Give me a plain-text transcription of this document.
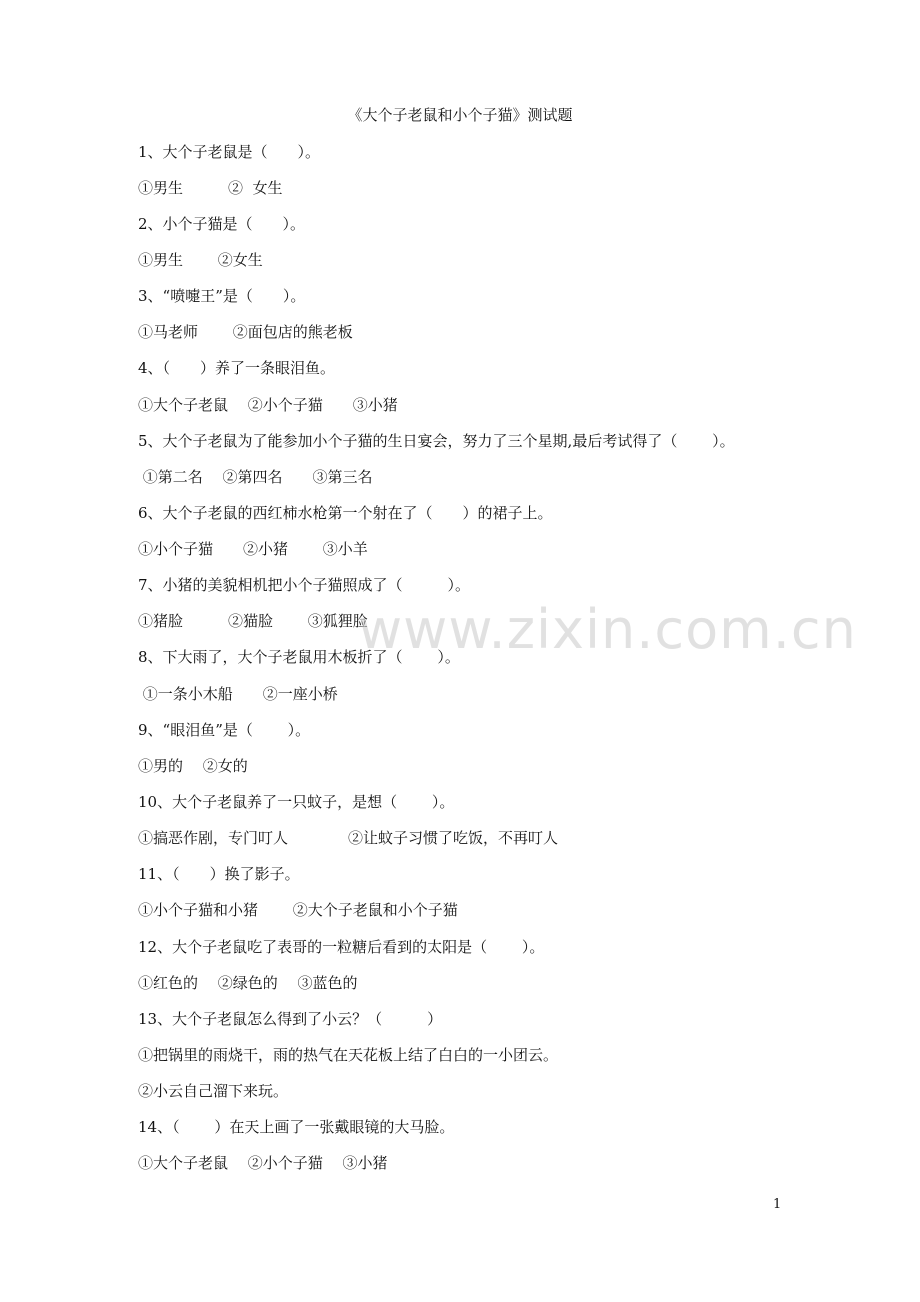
《大个子老鼠和小个子猫》测试题
1、大个子老鼠是（　　）。
①男生　　　②  女生
2、小个子猫是（　　）。
①男生　　 ②女生
3、“喷嚏王”是（　　）。
①马老师　　 ②面包店的熊老板
4、（　　）养了一条眼泪鱼。
①大个子老鼠　 ②小个子猫　　③小猪
5、大个子老鼠为了能参加小个子猫的生日宴会，努力了三个星期,最后考试得了（　　 ）。
①第二名　 ②第四名　　③第三名
6、大个子老鼠的西红柿水枪第一个射在了（　　）的裙子上。
①小个子猫　　②小猪　　 ③小羊
7、小猪的美貌相机把小个子猫照成了（　　　）。
①猪脸　　　②猫脸　　 ③狐狸脸
8、下大雨了，大个子老鼠用木板折了（　　 ）。
①一条小木船　　②一座小桥
9、“眼泪鱼”是（　　 ）。
①男的　 ②女的
10、大个子老鼠养了一只蚊子，是想（　　 ）。
①搞恶作剧，专门叮人　　　　②让蚊子习惯了吃饭，不再叮人
11、（　　）换了影子。
①小个子猫和小猪　　 ②大个子老鼠和小个子猫
12、大个子老鼠吃了表哥的一粒糖后看到的太阳是（　　 ）。
①红色的　 ②绿色的　 ③蓝色的
13、大个子老鼠怎么得到了小云？（　　　）
①把锅里的雨烧干，雨的热气在天花板上结了白白的一小团云。
②小云自己溜下来玩。
14、（　　 ）在天上画了一张戴眼镜的大马脸。
①大个子老鼠　 ②小个子猫　 ③小猪
www.zixin.com.cn
1
